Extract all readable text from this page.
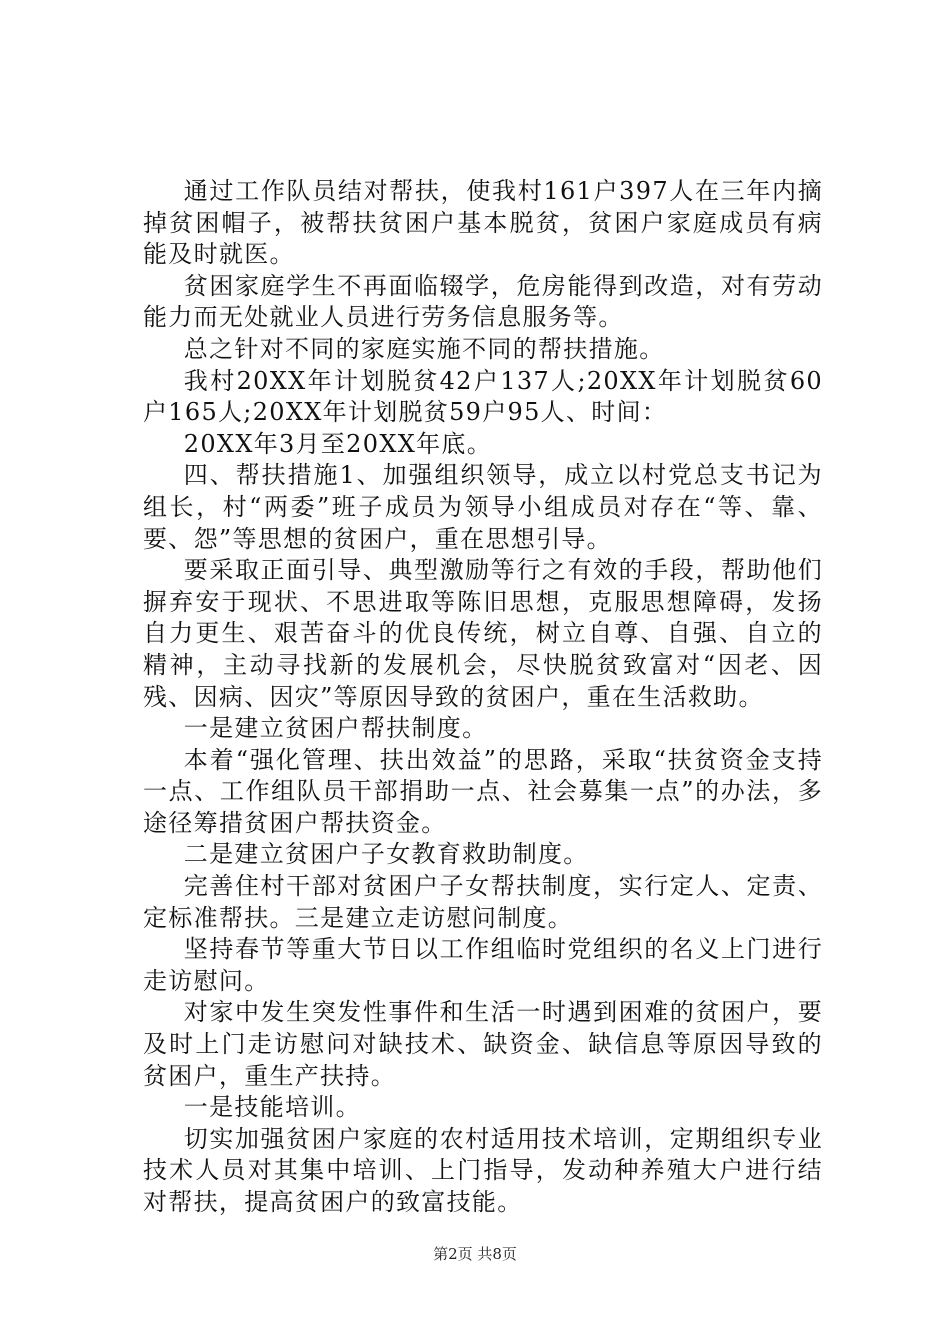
通过工作队员结对帮扶，使我村161户397人在三年内摘掉贫困帽子，被帮扶贫困户基本脱贫，贫困户家庭成员有病能及时就医。

贫困家庭学生不再面临辍学，危房能得到改造，对有劳动能力而无处就业人员进行劳务信息服务等。

总之针对不同的家庭实施不同的帮扶措施。

我村20XX年计划脱贫42户137人;20XX年计划脱贫60户165人;20XX年计划脱贫59户95人、时间：

20XX年3月至20XX年底。

四、帮扶措施1、加强组织领导，成立以村党总支书记为组长，村“两委”班子成员为领导小组成员对存在“等、靠、要、怨”等思想的贫困户，重在思想引导。

要采取正面引导、典型激励等行之有效的手段，帮助他们摒弃安于现状、不思进取等陈旧思想，克服思想障碍，发扬自力更生、艰苦奋斗的优良传统，树立自尊、自强、自立的精神，主动寻找新的发展机会，尽快脱贫致富对“因老、因残、因病、因灾”等原因导致的贫困户，重在生活救助。

一是建立贫困户帮扶制度。

本着“强化管理、扶出效益”的思路，采取“扶贫资金支持一点、工作组队员干部捐助一点、社会募集一点”的办法，多途径筹措贫困户帮扶资金。

二是建立贫困户子女教育救助制度。

完善住村干部对贫困户子女帮扶制度，实行定人、定责、定标准帮扶。三是建立走访慰问制度。

坚持春节等重大节日以工作组临时党组织的名义上门进行走访慰问。

对家中发生突发性事件和生活一时遇到困难的贫困户，要及时上门走访慰问对缺技术、缺资金、缺信息等原因导致的贫困户，重生产扶持。

一是技能培训。

切实加强贫困户家庭的农村适用技术培训，定期组织专业技术人员对其集中培训、上门指导，发动种养殖大户进行结对帮扶，提高贫困户的致富技能。

第2页 共8页
